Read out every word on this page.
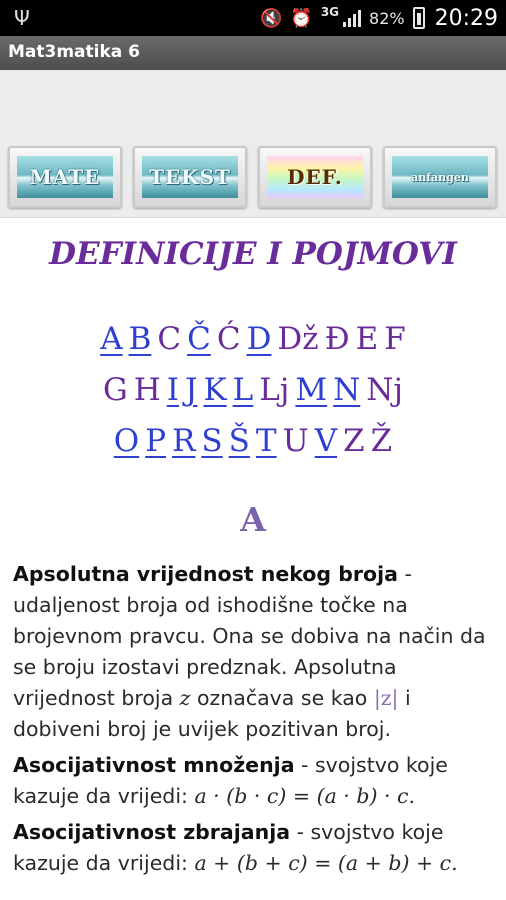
Ψ	🔇 ⏰ 3G 82% 20:29
Mat3matika 6
MATE	TEKST	DEF.	anfangen
DEFINICIJE I POJMOVI
A B C Č Ć D Dž Đ E F
G H I J K L Lj M N Nj
O P R S Š T U V Z Ž
A

Apsolutna vrijednost nekog broja - udaljenost broja od ishodišne točke na brojevnom pravcu. Ona se dobiva na način da se broju izostavi predznak. Apsolutna vrijednost broja z označava se kao |z| i dobiveni broj je uvijek pozitivan broj.

Asocijativnost množenja - svojstvo koje kazuje da vrijedi: a · (b · c) = (a · b) · c.

Asocijativnost zbrajanja - svojstvo koje kazuje da vrijedi: a + (b + c) = (a + b) + c.
